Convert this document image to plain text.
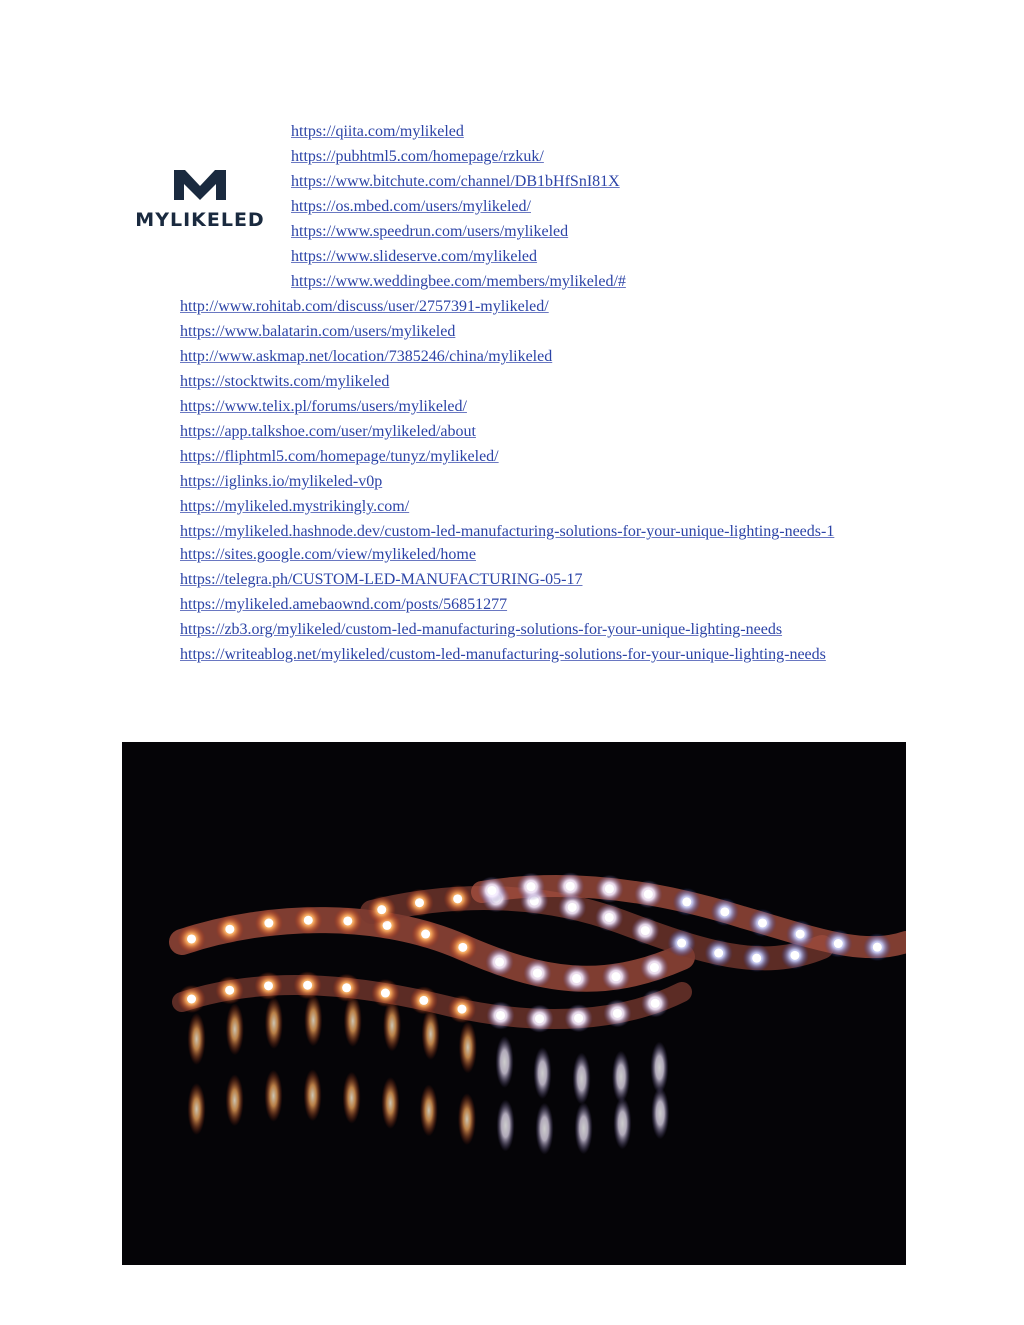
MYLIKELED
https://qiita.com/mylikeled
https://pubhtml5.com/homepage/rzkuk/
https://www.bitchute.com/channel/DB1bHfSnI81X
https://os.mbed.com/users/mylikeled/
https://www.speedrun.com/users/mylikeled
https://www.slideserve.com/mylikeled
https://www.weddingbee.com/members/mylikeled/#
http://www.rohitab.com/discuss/user/2757391-mylikeled/
https://www.balatarin.com/users/mylikeled
http://www.askmap.net/location/7385246/china/mylikeled
https://stocktwits.com/mylikeled
https://www.telix.pl/forums/users/mylikeled/
https://app.talkshoe.com/user/mylikeled/about
https://fliphtml5.com/homepage/tunyz/mylikeled/
https://iglinks.io/mylikeled-v0p
https://mylikeled.mystrikingly.com/
https://mylikeled.hashnode.dev/custom-led-manufacturing-solutions-for-your-unique-lighting-needs-1
https://sites.google.com/view/mylikeled/home
https://telegra.ph/CUSTOM-LED-MANUFACTURING-05-17
https://mylikeled.amebaownd.com/posts/56851277
https://zb3.org/mylikeled/custom-led-manufacturing-solutions-for-your-unique-lighting-needs
https://writeablog.net/mylikeled/custom-led-manufacturing-solutions-for-your-unique-lighting-needs
